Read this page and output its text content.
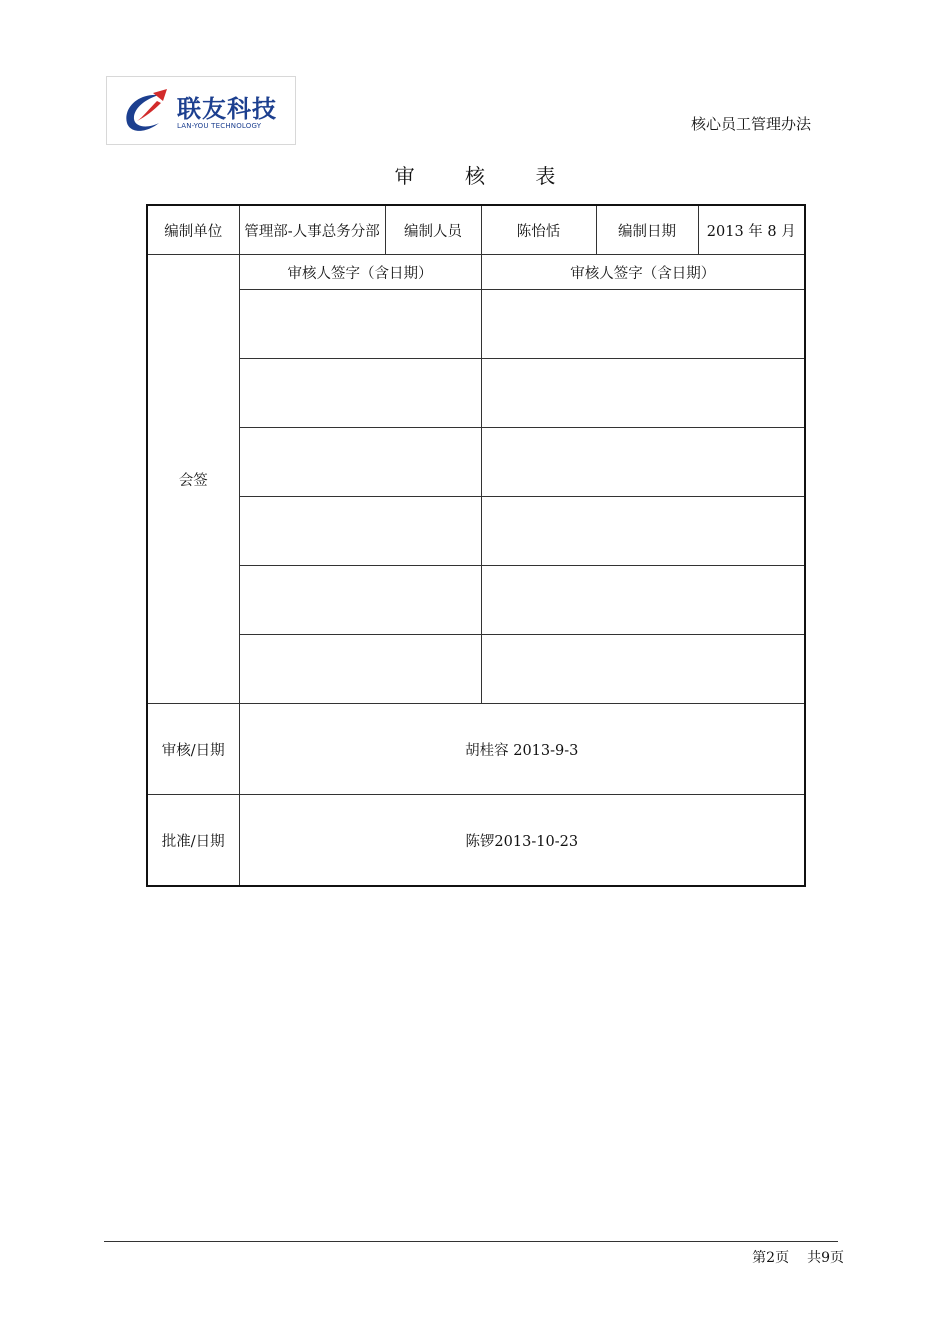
联友科技
LAN-YOU TECHNOLOGY	核心员工管理办法
审 核 表
编制单位	管理部-人事总务分部	编制人员	陈怡恬	编制日期	2013 年 8 月
会签	审核人签字（含日期）		审核人签字（含日期）		

审核/日期	胡桂容 2013-9-3				
批准/日期	陈锣2013-10-23				
第2页 共9页
